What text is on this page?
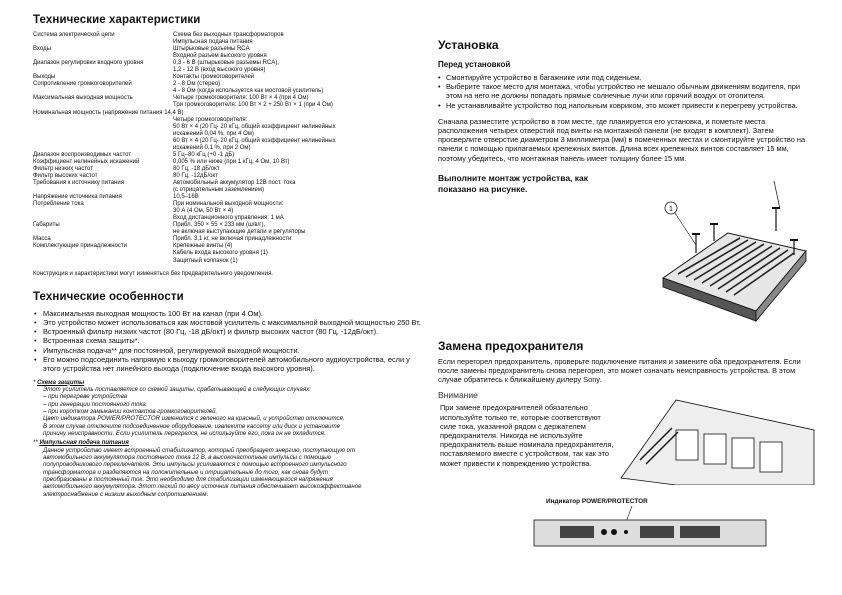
Технические характеристики
Система электрической цепи	Схема без выходных трансформаторов
Импульсная подача питания
Входы	Штырьковые разъемы RCA
Входной разъем высокого уровня
Диапазон регулировки входного уровня	0,3 - 6 В (штырьковые разъемы RCA),
1,2 - 12 В (вход высокого уровня)
Выходы	Контакты громкоговорителей
Сопротивление громкоговорителей	2 - 8 Ом (стерео)
4 - 8 Ом (когда используется как мостовой усилитель)
Максимальная выходная мощность	Четыре громкоговорителя: 100 Вт × 4 (при 4 Ом)
Три громкоговорителя: 100 Вт × 2 + 250 Вт × 1 (при 4 Ом)
Номинальная мощность (напряжение питания 14,4 В)
Четыре громкоговорителя:
50 Вт × 4 (20 Гц- 20 кГц, общий коэффициент нелинейных
искажений 0,04 %, при 4 Ом)
60 Вт × 4 (20 Гц- 20 кГц, общий коэффициент нелинейных
искажений 0,1 %, при 2 Ом)
Диапазон воспроизводимых частот	5 Гц–80 кГц (+0 -1 дБ)
Коэффициент нелинейных искажений	0,005 % или ниже (при 1 кГц, 4 Ом, 10 Вт)
Фильтр низких частот	80 Гц, -18 дБ/окт
Фильтр высоких частот	80 Гц, -12дБ/окт
Требования к источнику питания	Автомобильный аккумулятор 12В пост. тока
(с отрицательным заземлением)
Напряжение источника питания	10,5–16В
Потребление тока	При номинальной выходной мощности:
30 А (4 Ом, 50 Вт × 4)
Вход дистанционного управления: 1 мА
Габариты	Прибл. 350 × 55 × 233 мм (ш/в/г),
не включая выступающие детали и регуляторы
Масса	Прибл. 3,1 кг, не включая принадлежности
Комплектующие принадлежности	Крепежные винты (4)
Кабель входа высокого уровня (1)
Защитный колпачок (1)
Конструкция и характеристики могут изменяться без предварительного уведомления.
Технические особенности
• Максимальная выходная мощность 100 Вт на канал (при 4 Ом).
• Это устройство может использоваться как мостовой усилитель с максимальной выходной мощностью 250 Вт.
• Встроенный фильтр низких частот (80 Гц, -18 дБ/окт) и фильтр высоких частот (80 Гц, -12дБ/окт).
• Встроенная схема защиты*.
• Импульсная подача** для постоянной, регулируемой выходной мощности.
• Его можно подсоединить напрямую к выходу громкоговорителей автомобильного аудиоустройства, если у этого устройства нет линейного выхода (подключение входа высокого уровня).
* Схема защиты
Этот усилитель поставляется со схемой защиты, срабатывающей в следующих случаях:
– при перегреве устройства
– при генерации постоянного тока
– при коротком замыкании контактов громкоговорителей.
Цвет индикатора POWER/PROTECTOR изменится с зеленого на красный, и устройство отключится.
В этом случае отключите подсоединенное оборудование, извлеките кассету или диск и установите
причину неисправности. Если усилитель перегрелся, не используйте его, пока он не охладится.
** Импульсная подача питания
Данное устройство имеет встроенный стабилизатор, который преобразует энергию, поступающую от
автомобильного аккумулятора постоянного тока 12 В, в высокочастотные импульсы с помощью
полупроводникового переключателя. Эти импульсы усиливаются с помощью встроенного импульсного
трансформатора и разделяются на положительные и отрицательные до того, как снова будут
преобразованы в постоянный ток. Это необходимо для стабилизации изменяющегося напряжения
автомобильного аккумулятора. Этот легкий по весу источник питания обеспечивает высокоэффективное
электроснабжение с низким выходным сопротивлением.
Установка
Перед установкой
• Смонтируйте устройство в багажнике или под сиденьем.
• Выберите такое место для монтажа, чтобы устройство не мешало обычным движениям водителя, при этом на него не должны попадать прямые солнечные лучи или горячий воздух от отопителя.
• Не устанавливайте устройство под напольным ковриком, это может привести к перегреву устройства.

Сначала разместите устройство в том месте, где планируется его установка, и пометьте места расположения четырех отверстий под винты на монтажной панели (не входят в комплект). Затем просверлите отверстие диаметром 3 миллиметра (мм) в помеченных местах и смонтируйте устройство на панели с помощью прилагаемых крепежных винтов. Длина всех крепежных винтов составляет 15 мм, поэтому убедитесь, что монтажная панель имеет толщину более 15 мм.

Выполните монтаж устройства, как показано на рисунке.

1
Замена предохранителя

Если перегорел предохранитель, проверьте подключение питания и замените оба предохранителя. Если после замены предохранитель снова перегорел, это может означать неисправность устройства. В этом случае обратитесь к ближайшему дилеру Sony.

Внимание

При замене предохранителей обязательно используйте только те, которые соответствуют силе тока, указанной рядом с держателем предохранителя. Никогда не используйте предохранитель выше номинала предохранителя, поставляемого вместе с устройством, так как это может привести к повреждению устройства.

Индикатор POWER/PROTECTOR
